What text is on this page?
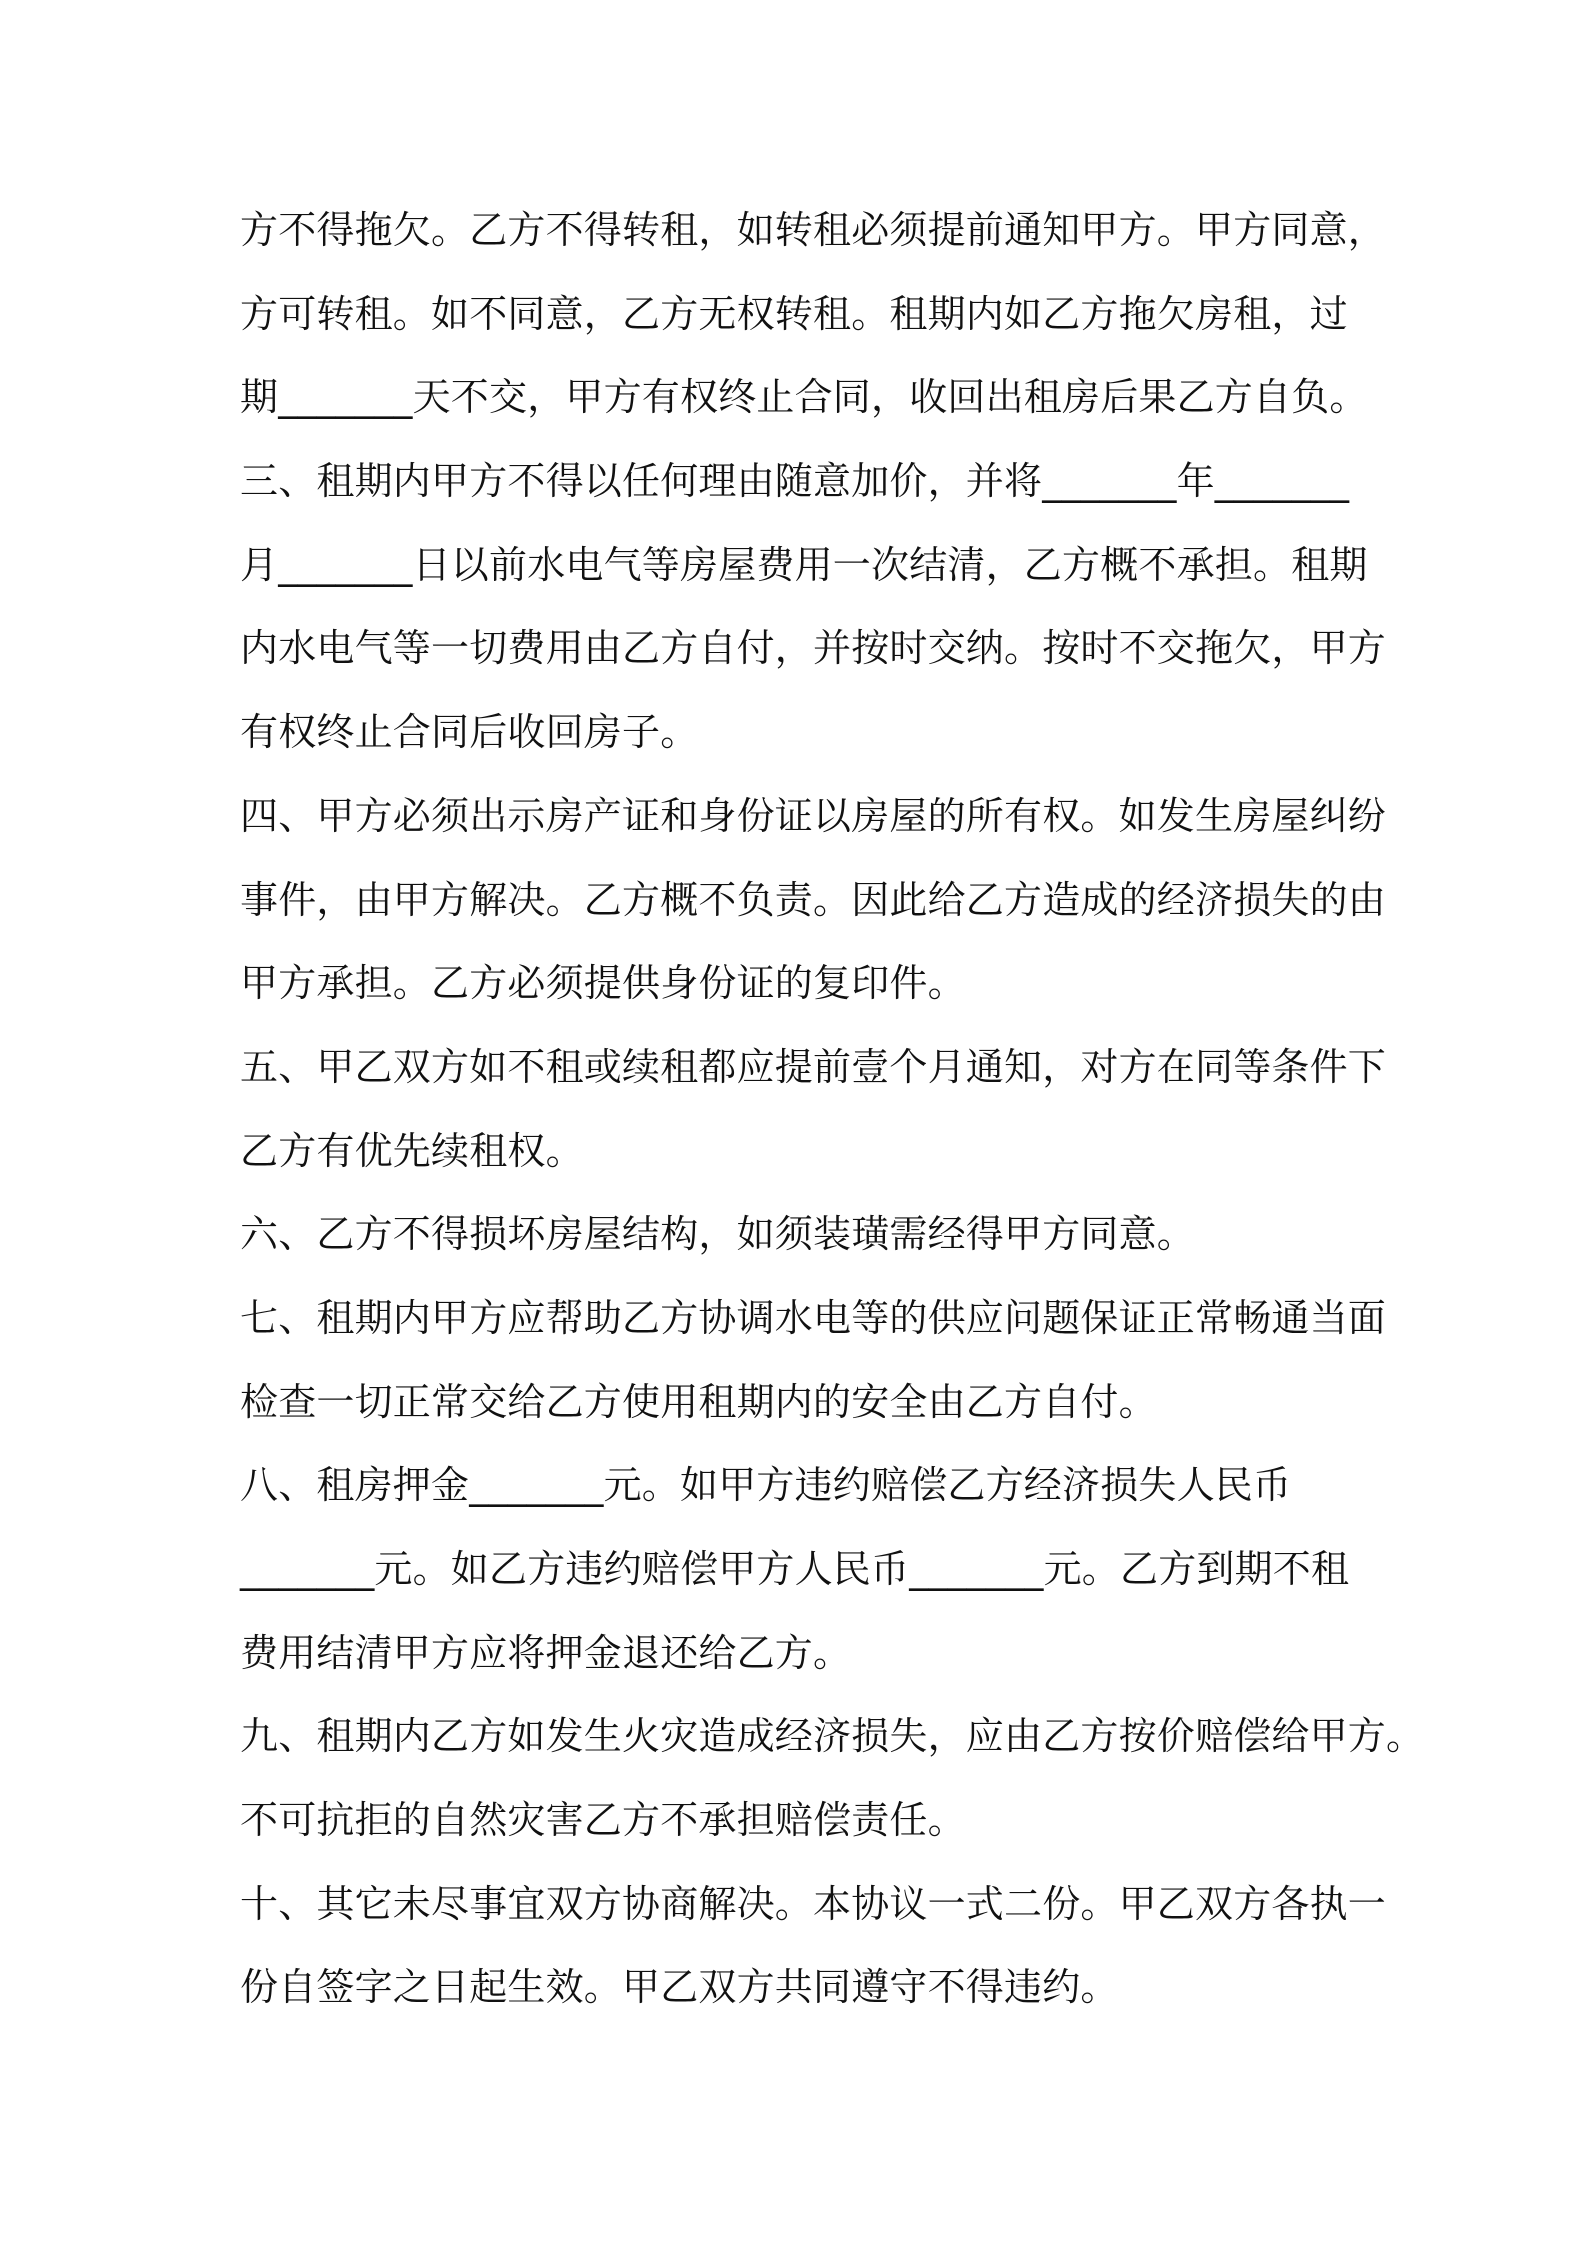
方不得拖欠。乙方不得转租，如转租必须提前通知甲方。甲方同意，
方可转租。如不同意，乙方无权转租。租期内如乙方拖欠房租，过
期_______天不交，甲方有权终止合同，收回出租房后果乙方自负。
三、租期内甲方不得以任何理由随意加价，并将_______年_______
月_______日以前水电气等房屋费用一次结清，乙方概不承担。租期
内水电气等一切费用由乙方自付，并按时交纳。按时不交拖欠，甲方
有权终止合同后收回房子。
四、甲方必须出示房产证和身份证以房屋的所有权。如发生房屋纠纷
事件，由甲方解决。乙方概不负责。因此给乙方造成的经济损失的由
甲方承担。乙方必须提供身份证的复印件。
五、甲乙双方如不租或续租都应提前壹个月通知，对方在同等条件下
乙方有优先续租权。
六、乙方不得损坏房屋结构，如须装璜需经得甲方同意。
七、租期内甲方应帮助乙方协调水电等的供应问题保证正常畅通当面
检查一切正常交给乙方使用租期内的安全由乙方自付。
八、租房押金_______元。如甲方违约赔偿乙方经济损失人民币
_______元。如乙方违约赔偿甲方人民币_______元。乙方到期不租
费用结清甲方应将押金退还给乙方。
九、租期内乙方如发生火灾造成经济损失，应由乙方按价赔偿给甲方。
不可抗拒的自然灾害乙方不承担赔偿责任。
十、其它未尽事宜双方协商解决。本协议一式二份。甲乙双方各执一
份自签字之日起生效。甲乙双方共同遵守不得违约。
